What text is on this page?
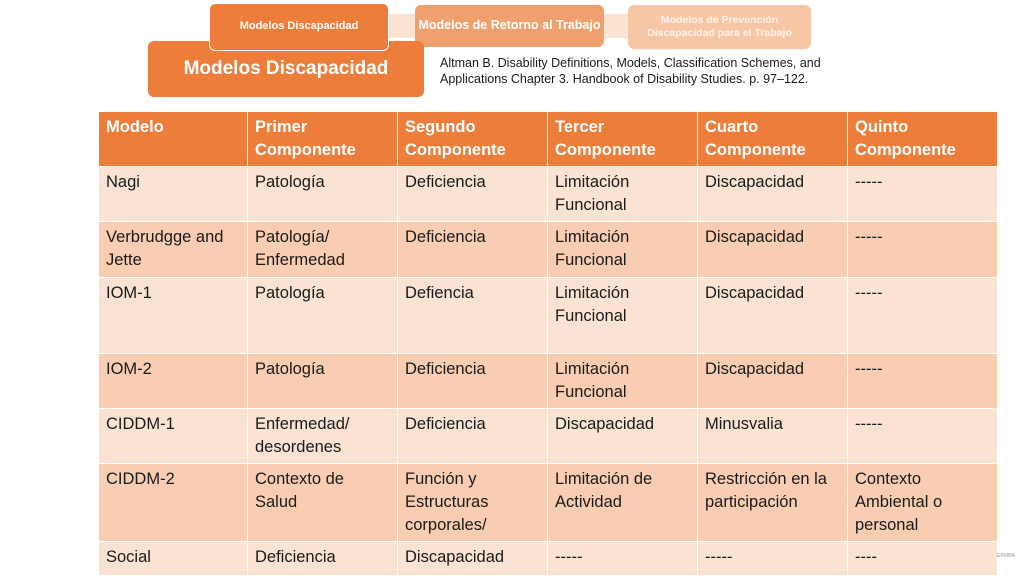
Modelos Discapacidad	Modelos de Retorno al Trabajo	Modelos de Prevención Discapacidad para el Trabajo
Modelos Discapacidad	Altman B. Disability Definitions, Models, Classification Schemes, and Applications Chapter 3. Handbook of Disability Studies. p. 97–122.

Modelo	Primer Componente	Segundo Componente	Tercer Componente	Cuarto Componente	Quinto Componente
Nagi	Patología	Deficiencia	Limitación Funcional	Discapacidad	-----
Verbrudgge and Jette	Patología/ Enfermedad	Deficiencia	Limitación Funcional	Discapacidad	-----
IOM-1	Patología	Defiencia	Limitación Funcional	Discapacidad	-----
IOM-2	Patología	Deficiencia	Limitación Funcional	Discapacidad	-----
CIDDM-1	Enfermedad/ desordenes	Deficiencia	Discapacidad	Minusvalia	-----
CIDDM-2	Contexto de Salud	Función y Estructuras corporales/	Limitación de Actividad	Restricción en la participación	Contexto Ambiental o personal
Social	Deficiencia	Discapacidad	-----	-----	----	ERMBA
